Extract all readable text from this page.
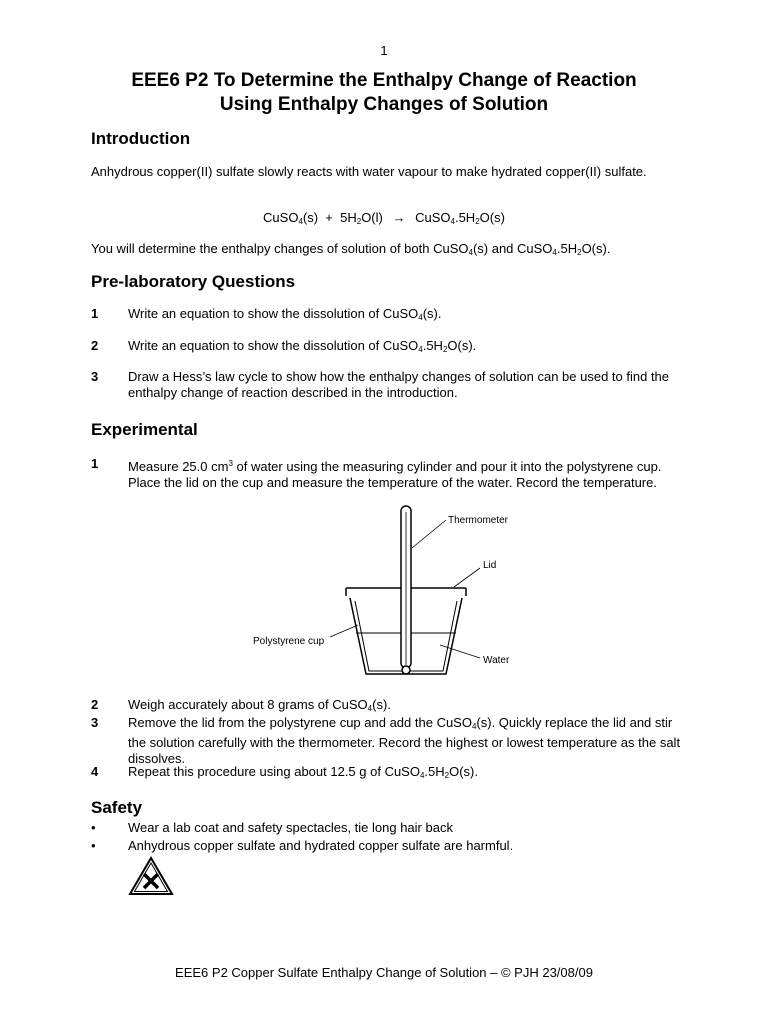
1
EEE6 P2 To Determine the Enthalpy Change of Reaction
Using Enthalpy Changes of Solution
Introduction
Anhydrous copper(II) sulfate slowly reacts with water vapour to make hydrated copper(II) sulfate.
CuSO$_4$(s)  +  $5H_2O(l)$ → $CuSO_4.5H_2O(s)$
You will determine the enthalpy changes of solution of both CuSO$_4$(s) and $CuSO_4.5H_2O(s)$.
Pre-laboratory Questions
1 Write an equation to show the dissolution of CuSO$_4$(s).
2 Write an equation to show the dissolution of $CuSO_4.5H_2O(s)$.
3 Draw a Hess’s law cycle to show how the enthalpy changes of solution can be used to find the enthalpy change of reaction described in the introduction.
Experimental
1 Measure 25.0 $cm^3$ of water using the measuring cylinder and pour it into the polystyrene cup. Place the lid on the cup and measure the temperature of the water. Record the temperature.
Thermometer
Lid
Polystyrene cup
Water
2 Weigh accurately about 8 grams of CuSO$_4$(s).
3 Remove the lid from the polystyrene cup and add the CuSO$_4$(s). Quickly replace the lid and stir the solution carefully with the thermometer. Record the highest or lowest temperature as the salt dissolves.
4 Repeat this procedure using about 12.5 g of $CuSO_4.5H_2O(s)$.
Safety
• Wear a lab coat and safety spectacles, tie long hair back
• Anhydrous copper sulfate and hydrated copper sulfate are harmful.
EEE6 P2 Copper Sulfate Enthalpy Change of Solution – © PJH 23/08/09
